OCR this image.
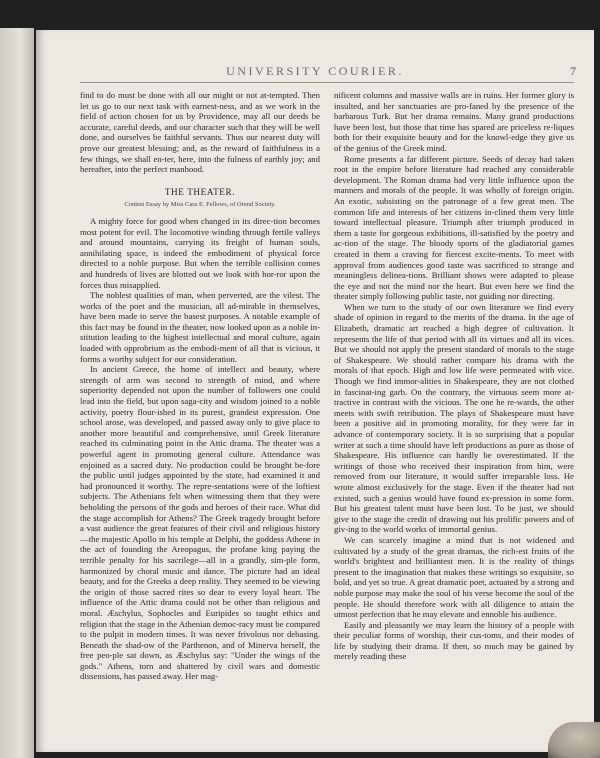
UNIVERSITY COURIER.	7

find to do must be done with all our might or not at-tempted. Then let us go to our next task with earnest-ness, and as we work in the field of action chosen for us by Providence, may all our deeds be accurate, careful deeds, and our character such that they will be well done, and ourselves be faithful servants. Thus our nearest duty will prove our greatest blessing; and, as the reward of faithfulness in a few things, we shall en-ter, here, into the fulness of earthly joy; and hereafter, into the perfect manhood.

THE THEATER.
Contest Essay by Miss Cara E. Fellows, of Orend Society.

A mighty force for good when changed in its direc-tion becomes most potent for evil. The locomotive winding through fertile valleys and around mountains, carrying its freight of human souls, annihilating space, is indeed the embodiment of physical force directed to a noble purpose. But when the terrible collision comes and hundreds of lives are blotted out we look with hor-ror upon the forces thus misapplied.

The noblest qualities of man, when perverted, are the vilest. The works of the poet and the musician, all ad-mirable in themselves, have been made to serve the basest purposes. A notable example of this fact may be found in the theater, now looked upon as a noble in-stitution leading to the highest intellectual and moral culture, again loaded with opprobrium as the embodi-ment of all that is vicious, it forms a worthy subject for our consideration.

In ancient Greece, the home of intellect and beauty, where strength of arm was second to strength of mind, and where superiority depended not upon the number of followers one could lead into the field, but upon saga-city and wisdom joined to a noble activity, poetry flour-ished in its purest, grandest expression. One school arose, was developed, and passed away only to give place to another more beautiful and comprehensive, until Greek literature reached its culminating point in the Attic drama. The theater was a powerful agent in promoting general culture. Attendance was enjoined as a sacred duty. No production could be brought be-fore the public until judges appointed by the state, had examined it and had pronounced it worthy. The repre-sentations were of the loftiest subjects. The Athenians felt when witnessing them that they were beholding the persons of the gods and heroes of their race. What did the stage accomplish for Athens? The Greek tragedy brought before a vast audience the great features of their civil and religious history—the majestic Apollo in his temple at Delphi, the goddess Athene in the act of founding the Areopagus, the profane king paying the terrible penalty for his sacrilege—all in a grandly, sim-ple form, harmonized by choral music and dance. The picture had an ideal beauty, and for the Greeks a deep reality. They seemed to be viewing the origin of those sacred rites so dear to every loyal heart. The influence of the Attic drama could not be other than religious and moral. Æschylus, Sophocles and Euripides so taught ethics and religion that the stage in the Athenian democ-racy must be compared to the pulpit in modern times. It was never frivolous nor debasing. Beneath the shad-ow of the Parthenon, and of Minerva herself, the free peo-ple sat down, as Æschylus say: "Under the wings of the gods." Athens, torn and shattered by civil wars and domestic dissensions, has passed away. Her mag-

nificent columns and massive walls are in ruins. Her former glory is insulted, and her sanctuaries are pro-faned by the presence of the barbarous Turk. But her drama remains. Many grand productions have been lost, but those that time has spared are priceless re-liques both for their exquisite beauty and for the knowl-edge they give us of the genius of the Greek mind.

Rome presents a far different picture. Seeds of decay had taken root in the empire before literature had reached any considerable development. The Roman drama had very little influence upon the manners and morals of the people. It was wholly of foreign origin. An exotic, subsisting on the patronage of a few great men. The common life and interests of her citizens in-clined them very little toward intellectual pleasure. Triumph after triumph produced in them a taste for gorgeous exhibitions, ill-satisfied by the poetry and ac-tion of the stage. The bloody sports of the gladiatorial games created in them a craving for fiercest excite-ments. To meet with approval from audiences good taste was sacrificed to strange and meaningless delinea-tions. Brilliant shows were adapted to please the eye and not the mind nor the heart. But even here we find the theater simply following public taste, not guiding nor directing.

When we turn to the study of our own literature we find every shade of opinion in regard to the merits of the drama. In the age of Elizabeth, dramatic art reached a high degree of cultivation. It represents the life of that period with all its virtues and all its vices. But we should not apply the present standard of morals to the stage of Shakespeare. We should rather compare his drama with the morals of that epoch. High and low life were permeated with vice. Though we find immor-alities in Shakespeare, they are not clothed in fascinat-ing garb. On the contrary, the virtuous seem more at-tractive in contrast with the vicious. The one he re-wards, the other meets with swift retribution. The plays of Shakespeare must have been a positive aid in promoting morality, for they were far in advance of contemporary society. It is so surprising that a popular writer at such a time should have left productions as pure as those of Shakespeare. His influence can hardly be overestimated. If the writings of those who received their inspiration from him, were removed from our literature, it would suffer irreparable loss. He wrote almost exclusively for the stage. Even if the theater had not existed, such a genius would have found ex-pression in some form. But his greatest talent must have been lost. To be just, we should give to the stage the credit of drawing out his prolific powers and of giv-ing to the world works of immortal genius.

We can scarcely imagine a mind that is not widened and cultivated by a study of the great dramas, the rich-est fruits of the world's brightest and brilliantest men. It is the reality of things present to the imagination that makes these writings so exquisite, so bold, and yet so true. A great dramatic poet, actuated by a strong and noble purpose may make the soul of his verse become the soul of the people. He should therefore work with all diligence to attain the utmost perfection that he may elevate and ennoble his audience.

Easily and pleasantly we may learn the history of a people with their peculiar forms of worship, their cus-toms, and their modes of life by studying their drama. If then, so much may be gained by merely reading these
